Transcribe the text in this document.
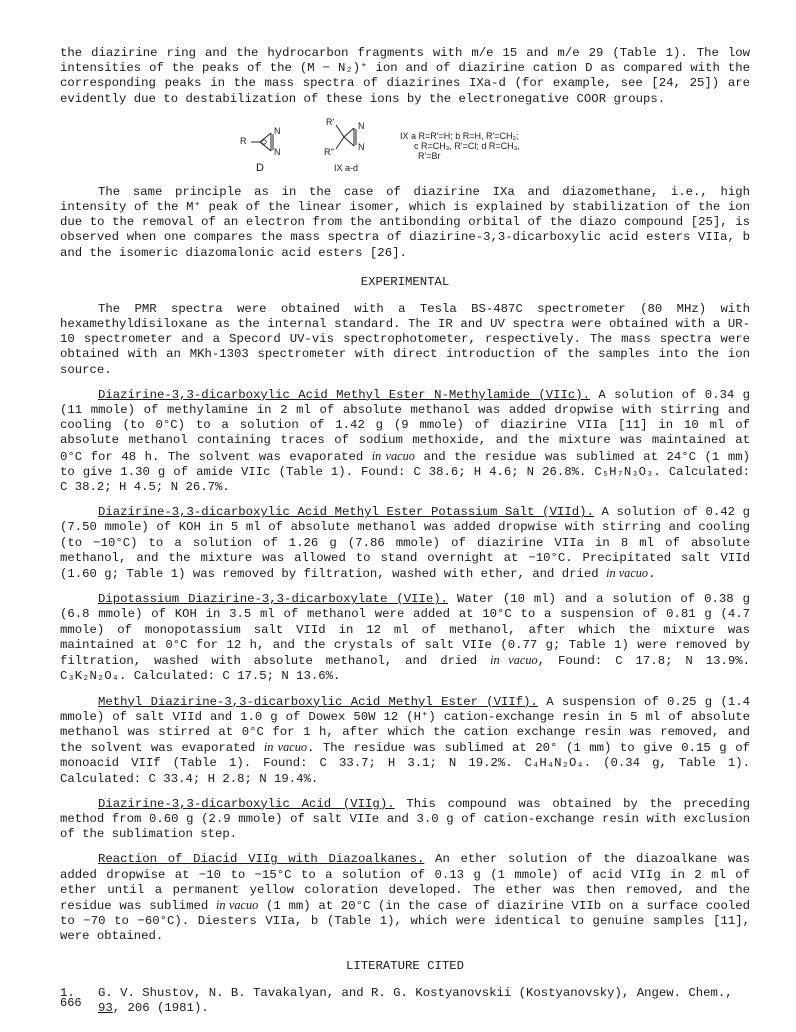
the diazirine ring and the hydrocarbon fragments with m/e 15 and m/e 29 (Table 1). The low intensities of the peaks of the (M − N₂)⁺ ion and of diazirine cation D as compared with the corresponding peaks in the mass spectra of diazirines IXa-d (for example, see [24, 25]) are evidently due to destabilization of these ions by the electronegative COOR groups.

R
N
N
D
R'
R''
N
N
IX a-d
IX a R=R'=H; b R=H, R'=CH₂;
c R=CH₃, R'=Cl; d R=CH₃,
R'=Br

The same principle as in the case of diazirine IXa and diazomethane, i.e., high intensity of the M⁺ peak of the linear isomer, which is explained by stabilization of the ion due to the removal of an electron from the antibonding orbital of the diazo compound [25], is observed when one compares the mass spectra of diazirine-3,3-dicarboxylic acid esters VIIa, b and the isomeric diazomalonic acid esters [26].

EXPERIMENTAL

The PMR spectra were obtained with a Tesla BS-487C spectrometer (80 MHz) with hexamethyldisiloxane as the internal standard. The IR and UV spectra were obtained with a UR-10 spectrometer and a Specord UV-vis spectrophotometer, respectively. The mass spectra were obtained with an MKh-1303 spectrometer with direct introduction of the samples into the ion source.

Diazirine-3,3-dicarboxylic Acid Methyl Ester N-Methylamide (VIIc). A solution of 0.34 g (11 mmole) of methylamine in 2 ml of absolute methanol was added dropwise with stirring and cooling (to 0°C) to a solution of 1.42 g (9 mmole) of diazirine VIIa [11] in 10 ml of absolute methanol containing traces of sodium methoxide, and the mixture was maintained at 0°C for 48 h. The solvent was evaporated in vacuo and the residue was sublimed at 24°C (1 mm) to give 1.30 g of amide VIIc (Table 1). Found: C 38.6; H 4.6; N 26.8%. C₅H₇N₃O₃. Calculated: C 38.2; H 4.5; N 26.7%.

Diazirine-3,3-dicarboxylic Acid Methyl Ester Potassium Salt (VIId). A solution of 0.42 g (7.50 mmole) of KOH in 5 ml of absolute methanol was added dropwise with stirring and cooling (to −10°C) to a solution of 1.26 g (7.86 mmole) of diazirine VIIa in 8 ml of absolute methanol, and the mixture was allowed to stand overnight at −10°C. Precipitated salt VIId (1.60 g; Table 1) was removed by filtration, washed with ether, and dried in vacuo.

Dipotassium Diazirine-3,3-dicarboxylate (VIIe). Water (10 ml) and a solution of 0.38 g (6.8 mmole) of KOH in 3.5 ml of methanol were added at 10°C to a suspension of 0.81 g (4.7 mmole) of monopotassium salt VIId in 12 ml of methanol, after which the mixture was maintained at 0°C for 12 h, and the crystals of salt VIIe (0.77 g; Table 1) were removed by filtration, washed with absolute methanol, and dried in vacuo, Found: C 17.8; N 13.9%. C₃K₂N₂O₄. Calculated: C 17.5; N 13.6%.

Methyl Diazirine-3,3-dicarboxylic Acid Methyl Ester (VIIf). A suspension of 0.25 g (1.4 mmole) of salt VIId and 1.0 g of Dowex 50W 12 (H⁺) cation-exchange resin in 5 ml of absolute methanol was stirred at 0°C for 1 h, after which the cation exchange resin was removed, and the solvent was evaporated in vacuo. The residue was sublimed at 20° (1 mm) to give 0.15 g of monoacid VIIf (Table 1). Found: C 33.7; H 3.1; N 19.2%. C₄H₄N₂O₄. (0.34 g, Table 1). Calculated: C 33.4; H 2.8; N 19.4%.

Diazirine-3,3-dicarboxylic Acid (VIIg). This compound was obtained by the preceding method from 0.60 g (2.9 mmole) of salt VIIe and 3.0 g of cation-exchange resin with exclusion of the sublimation step.

Reaction of Diacid VIIg with Diazoalkanes. An ether solution of the diazoalkane was added dropwise at −10 to −15°C to a solution of 0.13 g (1 mmole) of acid VIIg in 2 ml of ether until a permanent yellow coloration developed. The ether was then removed, and the residue was sublimed in vacuo (1 mm) at 20°C (in the case of diazirine VIIb on a surface cooled to −70 to −60°C). Diesters VIIa, b (Table 1), which were identical to genuine samples [11], were obtained.

LITERATURE CITED
1.	G. V. Shustov, N. B. Tavakalyan, and R. G. Kostyanovskii (Kostyanovsky), Angew. Chem., 93, 206 (1981).

666
